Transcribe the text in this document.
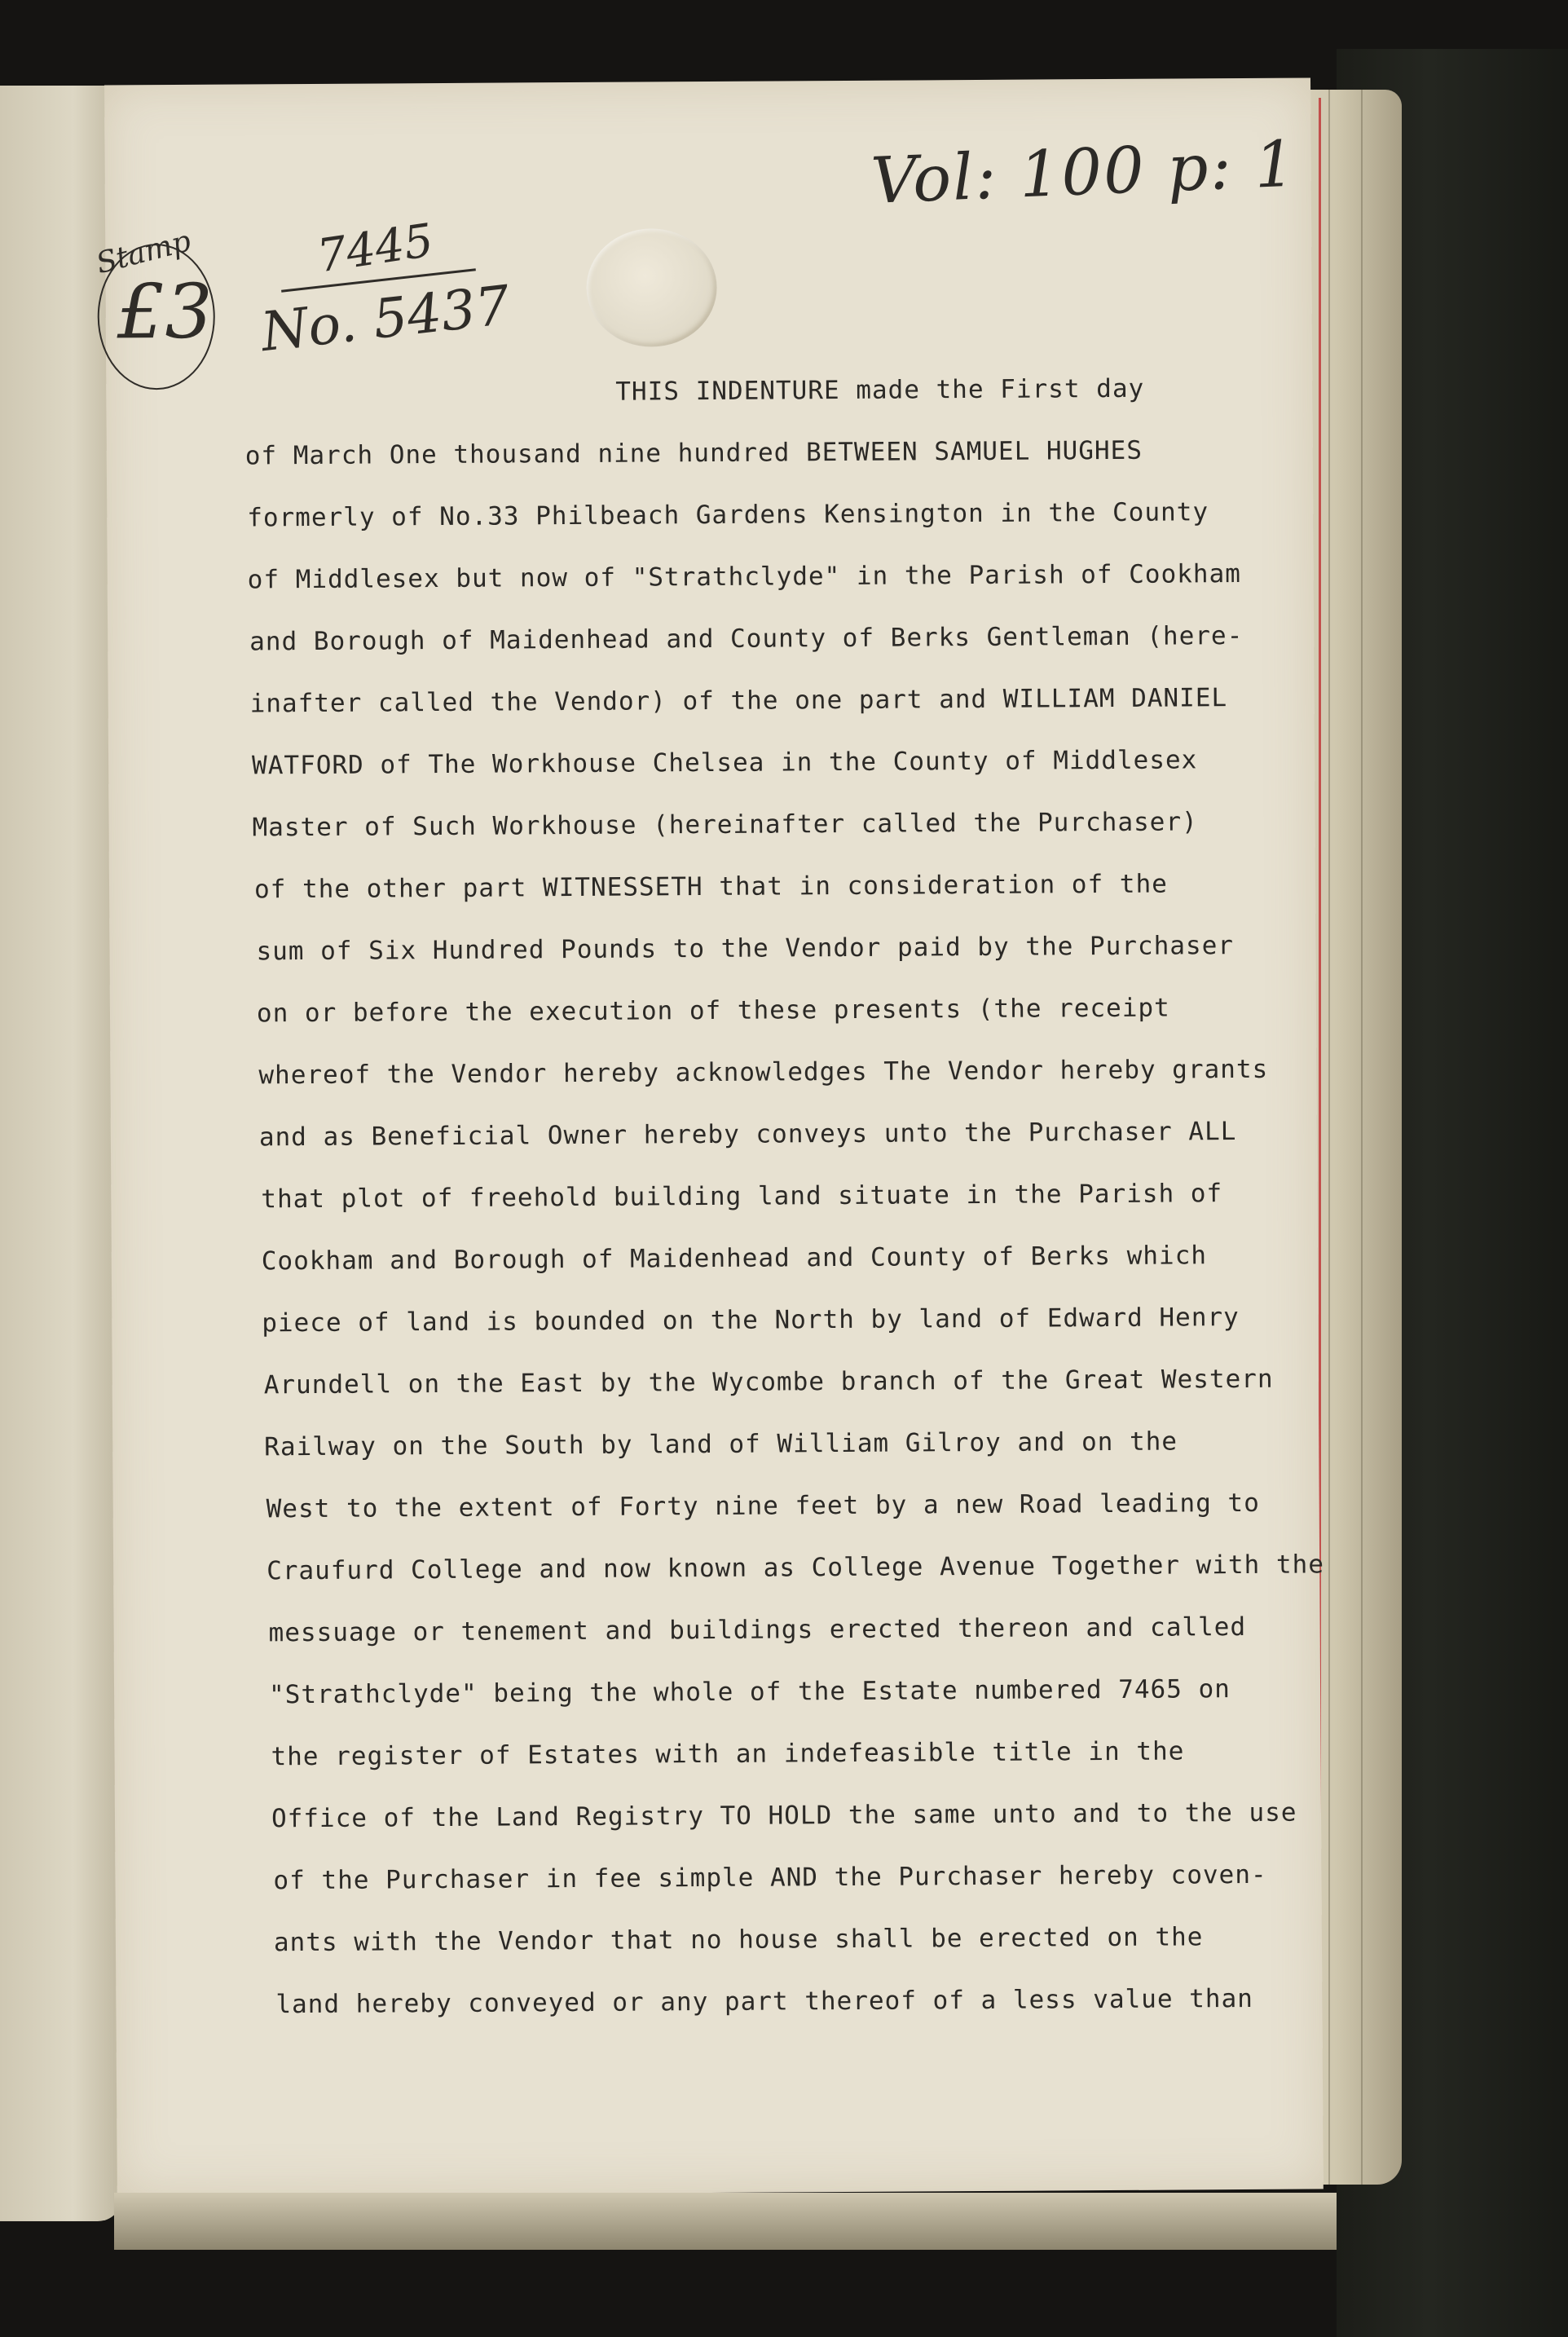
Vol: 100 p: 1
Stamp
£3
7445
No. 5437
THIS INDENTURE made the First day
of March One thousand nine hundred BETWEEN SAMUEL HUGHES
formerly of No.33 Philbeach Gardens Kensington in the County
of Middlesex but now of "Strathclyde" in the Parish of Cookham
and Borough of Maidenhead and County of Berks Gentleman (here-
inafter called the Vendor) of the one part and WILLIAM DANIEL
WATFORD of The Workhouse Chelsea in the County of Middlesex
Master of Such Workhouse (hereinafter called the Purchaser)
of the other part WITNESSETH that in consideration of the
sum of Six Hundred Pounds to the Vendor paid by the Purchaser
on or before the execution of these presents (the receipt
whereof the Vendor hereby acknowledges The Vendor hereby grants
and as Beneficial Owner hereby conveys unto the Purchaser ALL
that plot of freehold building land situate in the Parish of
Cookham and Borough of Maidenhead and County of Berks which
piece of land is bounded on the North by land of Edward Henry
Arundell on the East by the Wycombe branch of the Great Western
Railway on the South by land of William Gilroy and on the
West to the extent of Forty nine feet by a new Road leading to
Craufurd College and now known as College Avenue Together with the
messuage or tenement and buildings erected thereon and called
"Strathclyde" being the whole of the Estate numbered 7465 on
the register of Estates with an indefeasible title in the
Office of the Land Registry TO HOLD the same unto and to the use
of the Purchaser in fee simple AND the Purchaser hereby coven-
ants with the Vendor that no house shall be erected on the
land hereby conveyed or any part thereof of a less value than
